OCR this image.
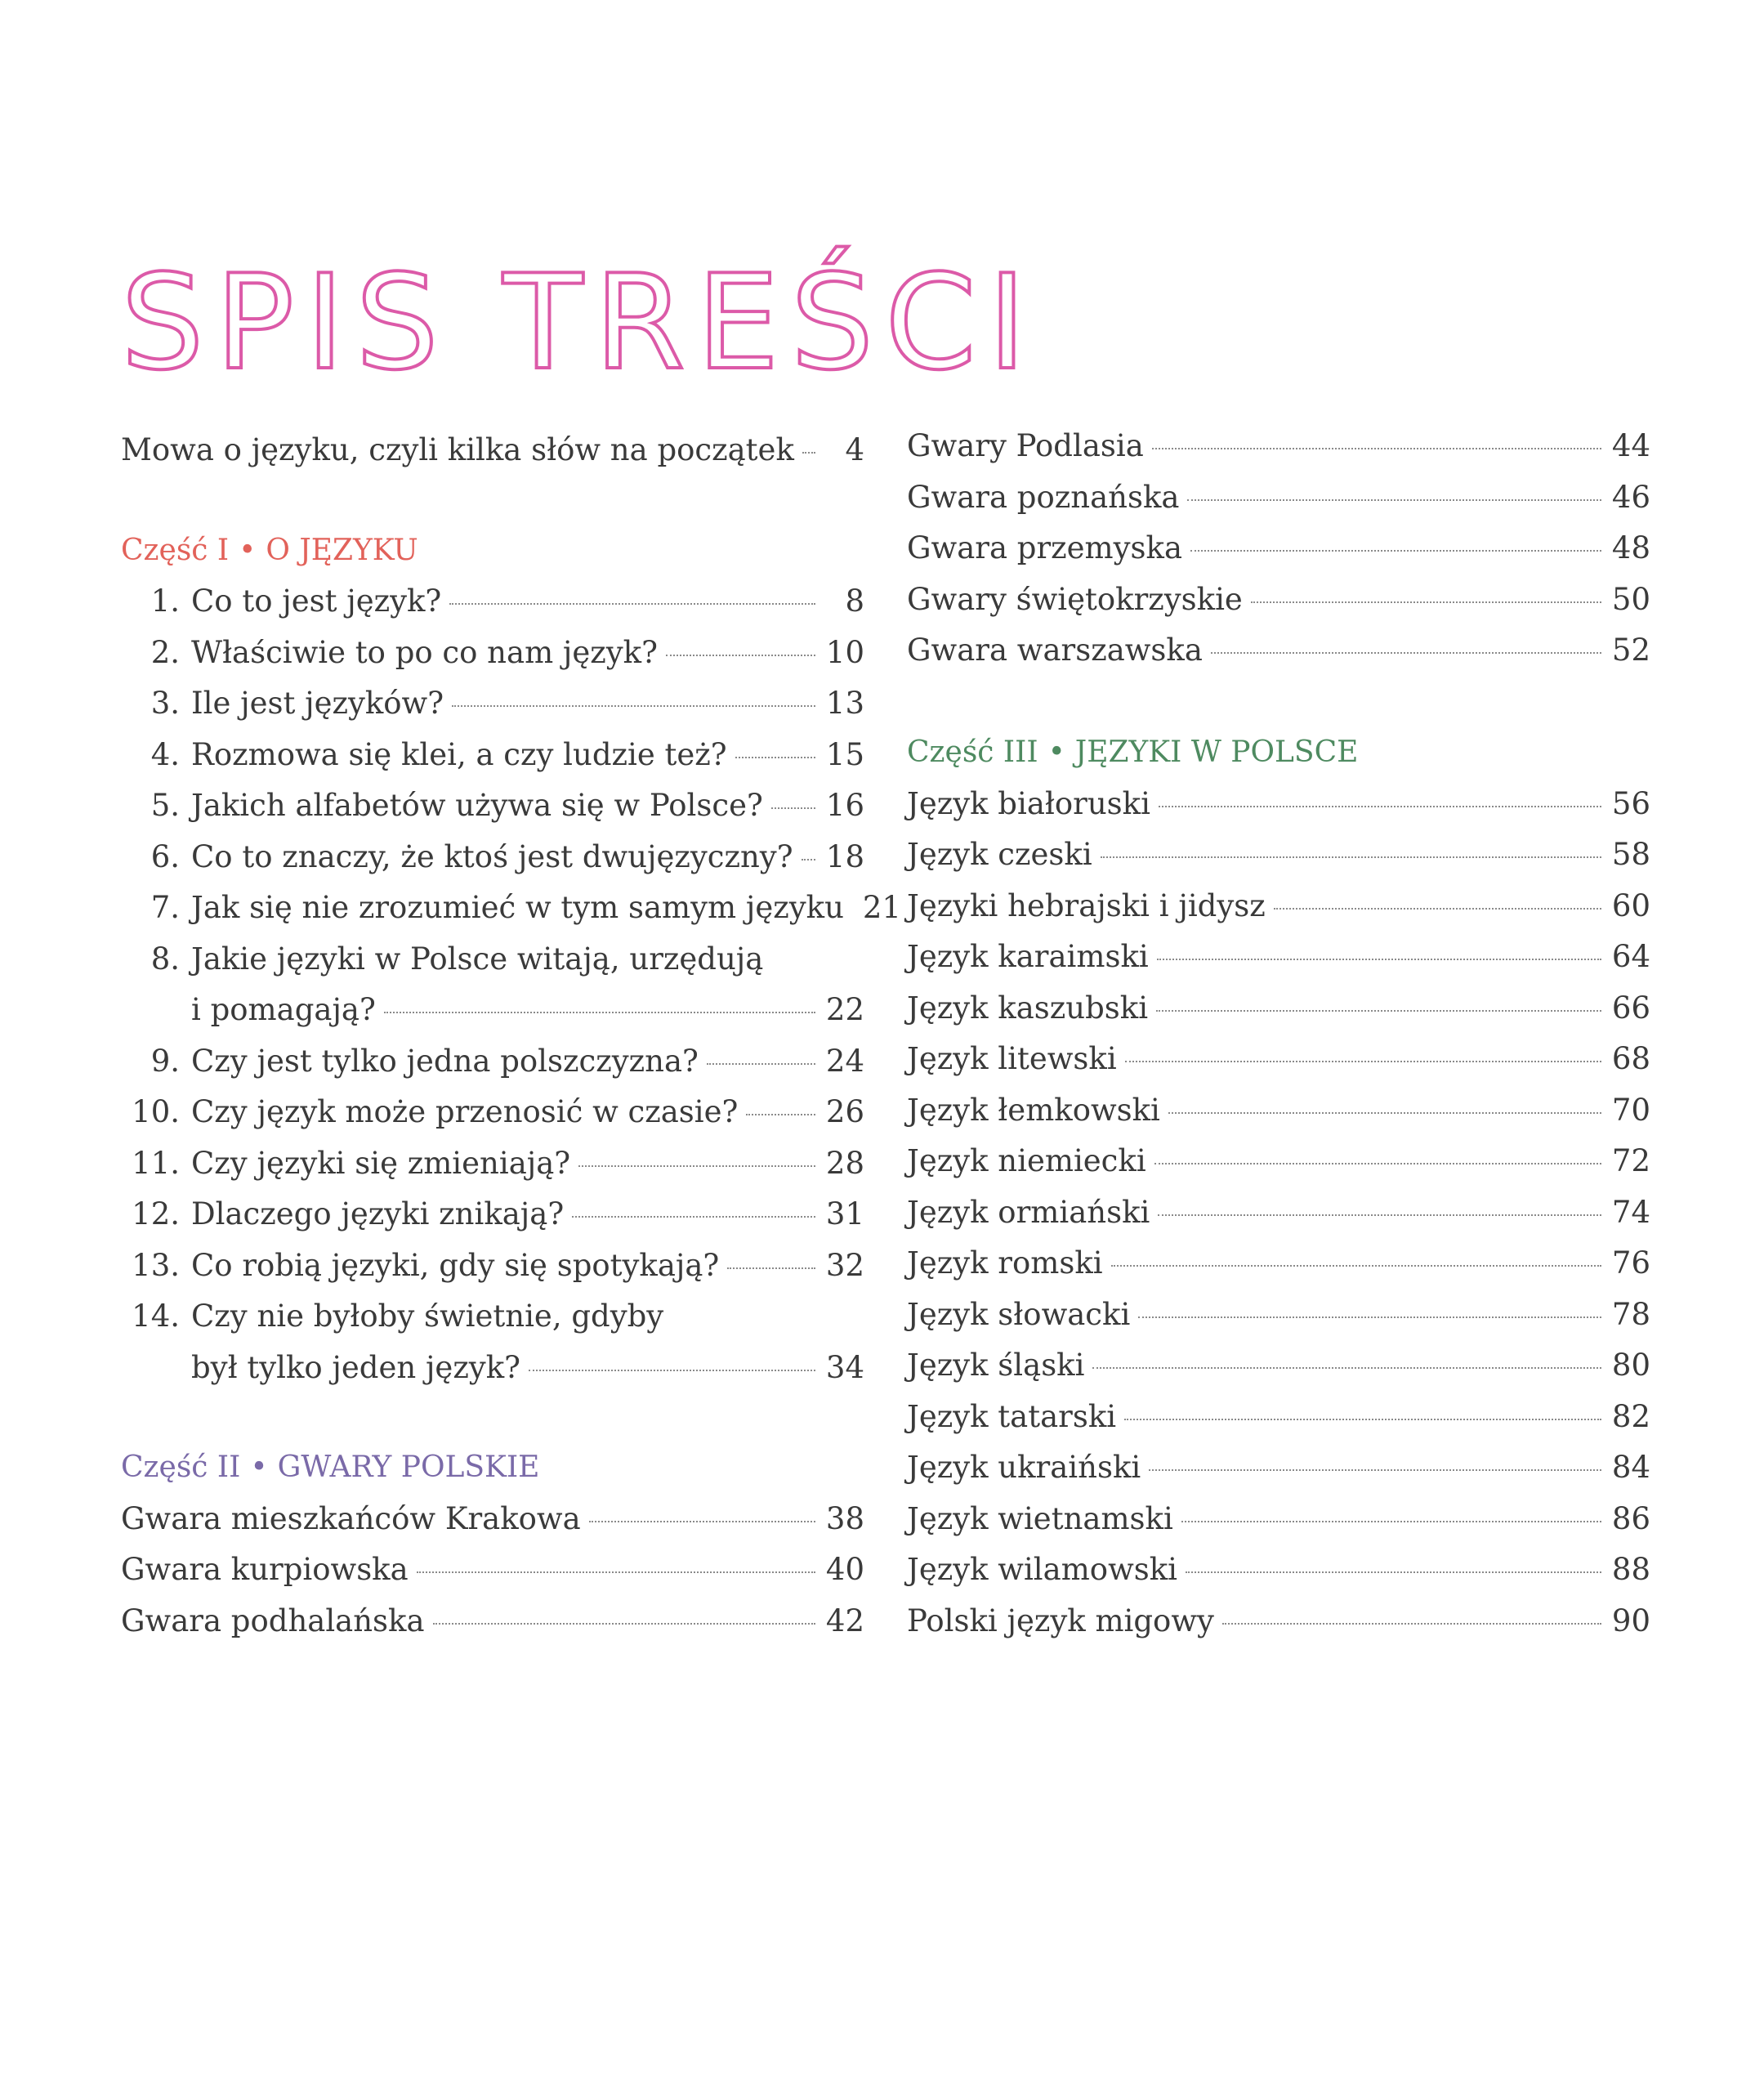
SPIS TREŚCI
Mowa o języku, czyli kilka słów na początek	4
Część I • O JĘZYKU
1. Co to jest język?	8
2. Właściwie to po co nam język?	10
3. Ile jest języków?	13
4. Rozmowa się klei, a czy ludzie też?	15
5. Jakich alfabetów używa się w Polsce? 16
6. Co to znaczy, że ktoś jest dwujęzyczny? 18
7. Jak się nie zrozumieć w tym samym języku 21
8. Jakie języki w Polsce witają, urzędują
i pomagają?	22
9. Czy jest tylko jedna polszczyzna?	24
10. Czy język może przenosić w czasie?	26
11. Czy języki się zmieniają?	28
12. Dlaczego języki znikają?	31
13. Co robią języki, gdy się spotykają?	32
14. Czy nie byłoby świetnie, gdyby
był tylko jeden język?	34
Część II • GWARY POLSKIE
Gwara mieszkańców Krakowa	38
Gwara kurpiowska	40
Gwara podhalańska	42
Gwary Podlasia	44
Gwara poznańska	46
Gwara przemyska	48
Gwary świętokrzyskie	50
Gwara warszawska	52
Część III • JĘZYKI W POLSCE
Język białoruski	56
Język czeski	58
Języki hebrajski i jidysz	60
Język karaimski	64
Język kaszubski	66
Język litewski	68
Język łemkowski	70
Język niemiecki	72
Język ormiański	74
Język romski	76
Język słowacki	78
Język śląski	80
Język tatarski	82
Język ukraiński	84
Język wietnamski	86
Język wilamowski	88
Polski język migowy	90
